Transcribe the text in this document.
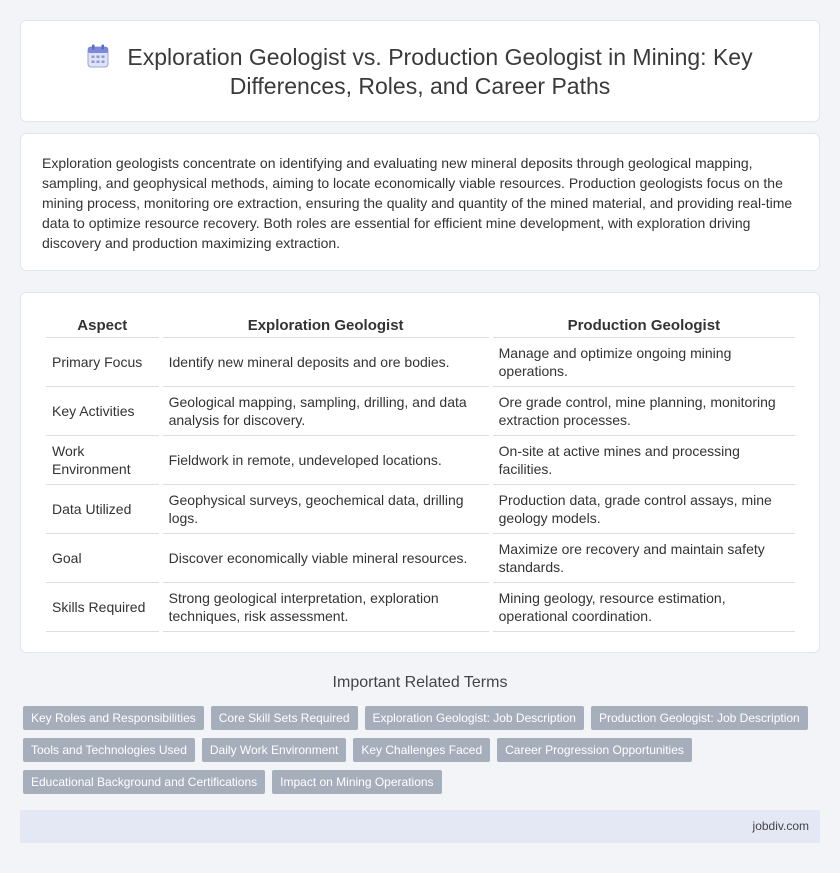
Exploration Geologist vs. Production Geologist in Mining: Key
Differences, Roles, and Career Paths

Exploration geologists concentrate on identifying and evaluating new mineral deposits through geological mapping, sampling, and geophysical methods, aiming to locate economically viable resources. Production geologists focus on the mining process, monitoring ore extraction, ensuring the quality and quantity of the mined material, and providing real-time data to optimize resource recovery. Both roles are essential for efficient mine development, with exploration driving discovery and production maximizing extraction.

Aspect	Exploration Geologist	Production Geologist
Primary Focus	Identify new mineral deposits and ore bodies.	Manage and optimize ongoing mining operations.
Key Activities	Geological mapping, sampling, drilling, and data analysis for discovery.	Ore grade control, mine planning, monitoring extraction processes.
Work Environment	Fieldwork in remote, undeveloped locations.	On-site at active mines and processing facilities.
Data Utilized	Geophysical surveys, geochemical data, drilling logs.	Production data, grade control assays, mine geology models.
Goal	Discover economically viable mineral resources.	Maximize ore recovery and maintain safety standards.
Skills Required	Strong geological interpretation, exploration techniques, risk assessment.	Mining geology, resource estimation, operational coordination.
Important Related Terms
Key Roles and Responsibilities	Core Skill Sets Required	Exploration Geologist: Job Description	Production Geologist: Job Description
Tools and Technologies Used	Daily Work Environment	Key Challenges Faced	Career Progression Opportunities
Educational Background and Certifications	Impact on Mining Operations
jobdiv.com
